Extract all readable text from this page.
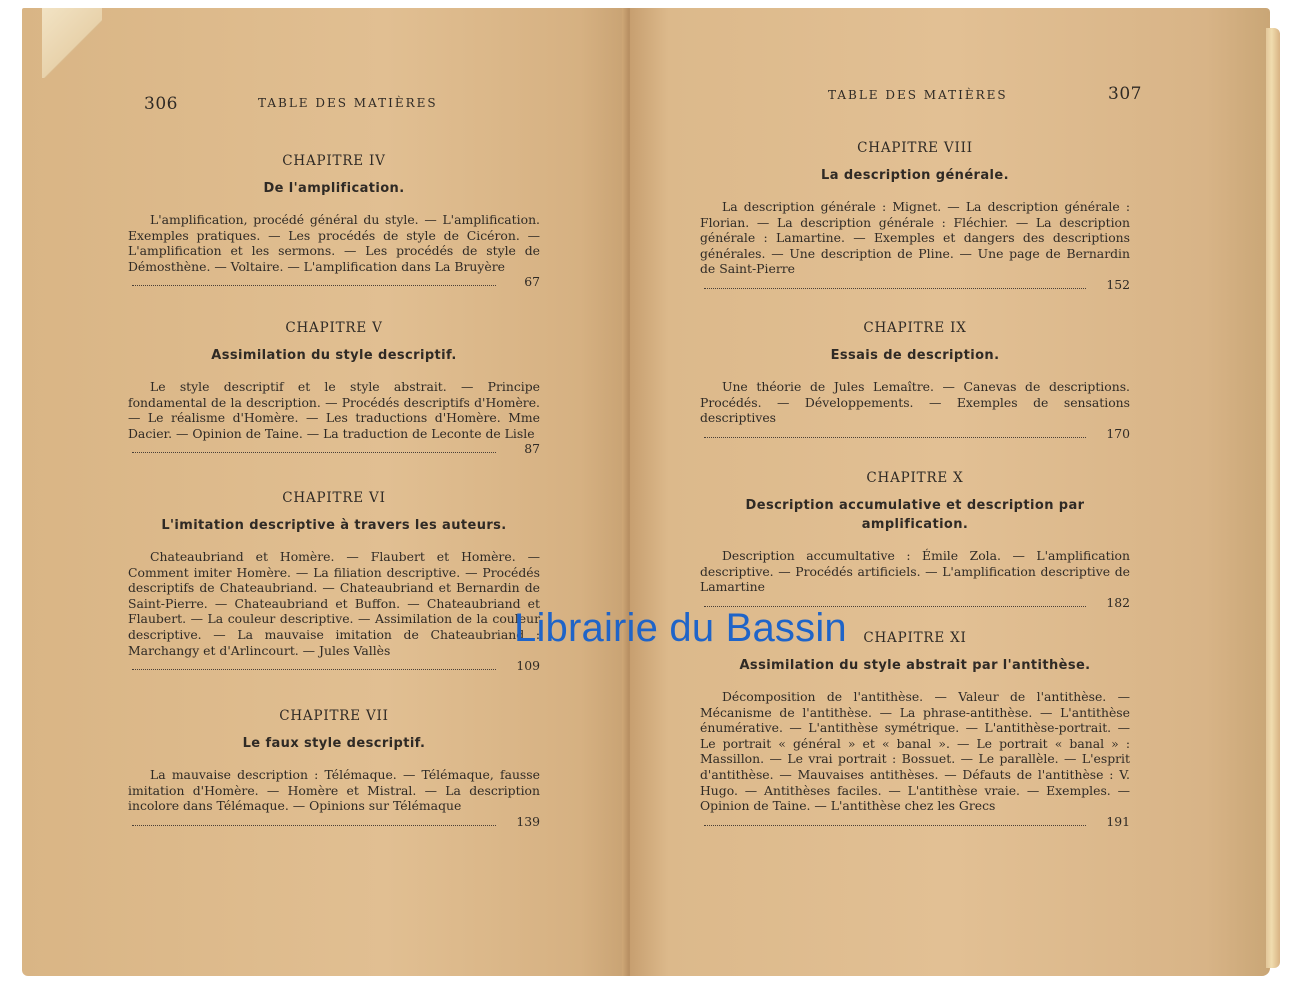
306	TABLE DES MATIÈRES
CHAPITRE IV
De l'amplification.

L'amplification, procédé général du style. — L'amplification. Exemples pratiques. — Les procédés de style de Cicéron. — L'amplification et les sermons. — Les procédés de style de Démosthène. — Voltaire. — L'amplification dans La Bruyère

67
CHAPITRE V
Assimilation du style descriptif.

Le style descriptif et le style abstrait. — Principe fondamental de la description. — Procédés descriptifs d'Homère. — Le réalisme d'Homère. — Les traductions d'Homère. Mme Dacier. — Opinion de Taine. — La traduction de Leconte de Lisle

87
CHAPITRE VI
L'imitation descriptive à travers les auteurs.

Chateaubriand et Homère. — Flaubert et Homère. — Comment imiter Homère. — La filiation descriptive. — Procédés descriptifs de Chateaubriand. — Chateaubriand et Bernardin de Saint-Pierre. — Chateaubriand et Buffon. — Chateaubriand et Flaubert. — La couleur descriptive. — Assimilation de la couleur descriptive. — La mauvaise imitation de Chateaubriand : Marchangy et d'Arlincourt. — Jules Vallès

109
CHAPITRE VII
Le faux style descriptif.

La mauvaise description : Télémaque. — Télémaque, fausse imitation d'Homère. — Homère et Mistral. — La description incolore dans Télémaque. — Opinions sur Télémaque

139
TABLE DES MATIÈRES	307
CHAPITRE VIII
La description générale.

La description générale : Mignet. — La description générale : Florian. — La description générale : Fléchier. — La description générale : Lamartine. — Exemples et dangers des descriptions générales. — Une description de Pline. — Une page de Bernardin de Saint-Pierre

152
CHAPITRE IX
Essais de description.

Une théorie de Jules Lemaître. — Canevas de descriptions. Procédés. — Développements. — Exemples de sensations descriptives

170
CHAPITRE X
Description accumulative et description par amplification.

Description accumultative : Émile Zola. — L'amplification descriptive. — Procédés artificiels. — L'amplification descriptive de Lamartine

182
CHAPITRE XI
Assimilation du style abstrait par l'antithèse.

Décomposition de l'antithèse. — Valeur de l'antithèse. — Mécanisme de l'antithèse. — La phrase-antithèse. — L'antithèse énumérative. — L'antithèse symétrique. — L'antithèse-portrait. — Le portrait « général » et « banal ». — Le portrait « banal » : Massillon. — Le vrai portrait : Bossuet. — Le parallèle. — L'esprit d'antithèse. — Mauvaises antithèses. — Défauts de l'antithèse : V. Hugo. — Antithèses faciles. — L'antithèse vraie. — Exemples. — Opinion de Taine. — L'antithèse chez les Grecs

191
Librairie du Bassin
